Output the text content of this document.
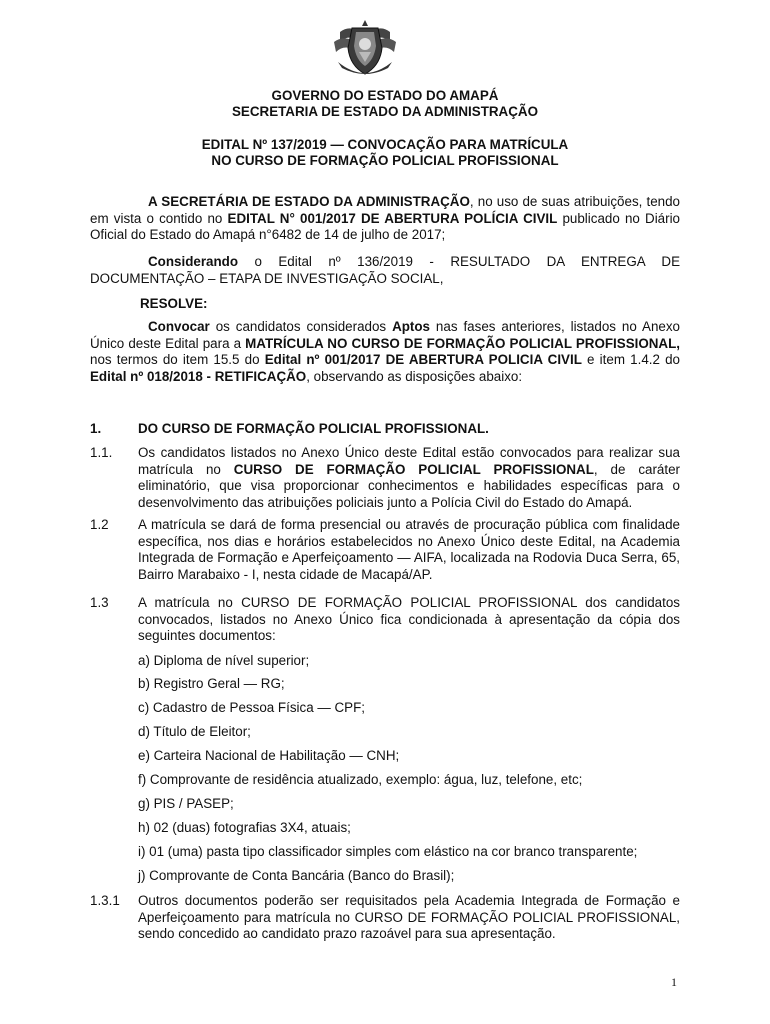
GOVERNO DO ESTADO DO AMAPÁ
SECRETARIA DE ESTADO DA ADMINISTRAÇÃO
EDITAL Nº 137/2019 — CONVOCAÇÃO PARA MATRÍCULA
NO CURSO DE FORMAÇÃO POLICIAL PROFISSIONAL
A SECRETÁRIA DE ESTADO DA ADMINISTRAÇÃO, no uso de suas atribuições, tendo em vista o contido no EDITAL N° 001/2017 DE ABERTURA POLÍCIA CIVIL publicado no Diário Oficial do Estado do Amapá n°6482 de 14 de julho de 2017;
Considerando o Edital nº 136/2019 - RESULTADO DA ENTREGA DE DOCUMENTAÇÃO – ETAPA DE INVESTIGAÇÃO SOCIAL,
RESOLVE:
Convocar os candidatos considerados Aptos nas fases anteriores, listados no Anexo Único deste Edital para a MATRÍCULA NO CURSO DE FORMAÇÃO POLICIAL PROFISSIONAL, nos termos do item 15.5 do Edital nº 001/2017 DE ABERTURA POLICIA CIVIL e item 1.4.2 do Edital nº 018/2018 - RETIFICAÇÃO, observando as disposições abaixo:
1.	DO CURSO DE FORMAÇÃO POLICIAL PROFISSIONAL.
1.1. Os candidatos listados no Anexo Único deste Edital estão convocados para realizar sua matrícula no CURSO DE FORMAÇÃO POLICIAL PROFISSIONAL, de caráter eliminatório, que visa proporcionar conhecimentos e habilidades específicas para o desenvolvimento das atribuições policiais junto a Polícia Civil do Estado do Amapá.
1.2 A matrícula se dará de forma presencial ou através de procuração pública com finalidade específica, nos dias e horários estabelecidos no Anexo Único deste Edital, na Academia Integrada de Formação e Aperfeiçoamento — AIFA, localizada na Rodovia Duca Serra, 65, Bairro Marabaixo - I, nesta cidade de Macapá/AP.
1.3 A matrícula no CURSO DE FORMAÇÃO POLICIAL PROFISSIONAL dos candidatos convocados, listados no Anexo Único fica condicionada à apresentação da cópia dos seguintes documentos:
a) Diploma de nível superior;
b) Registro Geral — RG;
c) Cadastro de Pessoa Física — CPF;
d) Título de Eleitor;
e) Carteira Nacional de Habilitação — CNH;
f) Comprovante de residência atualizado, exemplo: água, luz, telefone, etc;
g) PIS / PASEP;
h) 02 (duas) fotografias 3X4, atuais;
i) 01 (uma) pasta tipo classificador simples com elástico na cor branco transparente;
j) Comprovante de Conta Bancária (Banco do Brasil);
1.3.1 Outros documentos poderão ser requisitados pela Academia Integrada de Formação e Aperfeiçoamento para matrícula no CURSO DE FORMAÇÃO POLICIAL PROFISSIONAL, sendo concedido ao candidato prazo razoável para sua apresentação.
1
